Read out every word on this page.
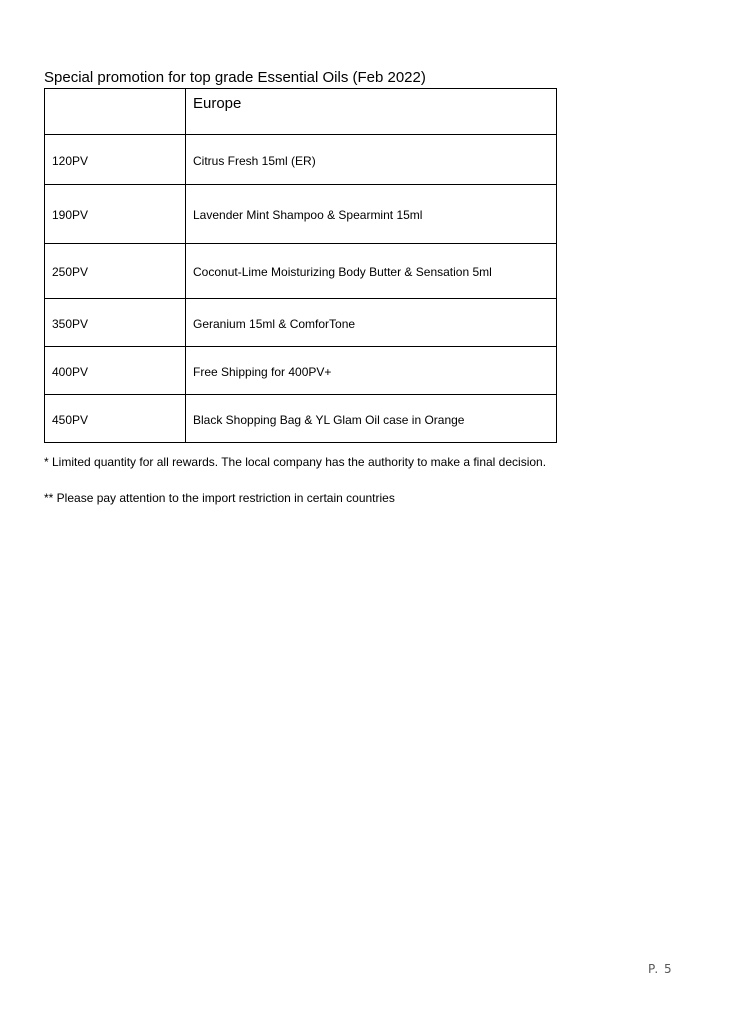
Special promotion for top grade Essential Oils (Feb 2022)
	Europe
120PV	Citrus Fresh 15ml (ER)
190PV	Lavender Mint Shampoo & Spearmint 15ml
250PV	Coconut-Lime Moisturizing Body Butter & Sensation 5ml
350PV	Geranium 15ml & ComforTone
400PV	Free Shipping for 400PV+
450PV	Black Shopping Bag & YL Glam Oil case in Orange
* Limited quantity for all rewards. The local company has the authority to make a final decision.
** Please pay attention to the import restriction in certain countries
P. 5
